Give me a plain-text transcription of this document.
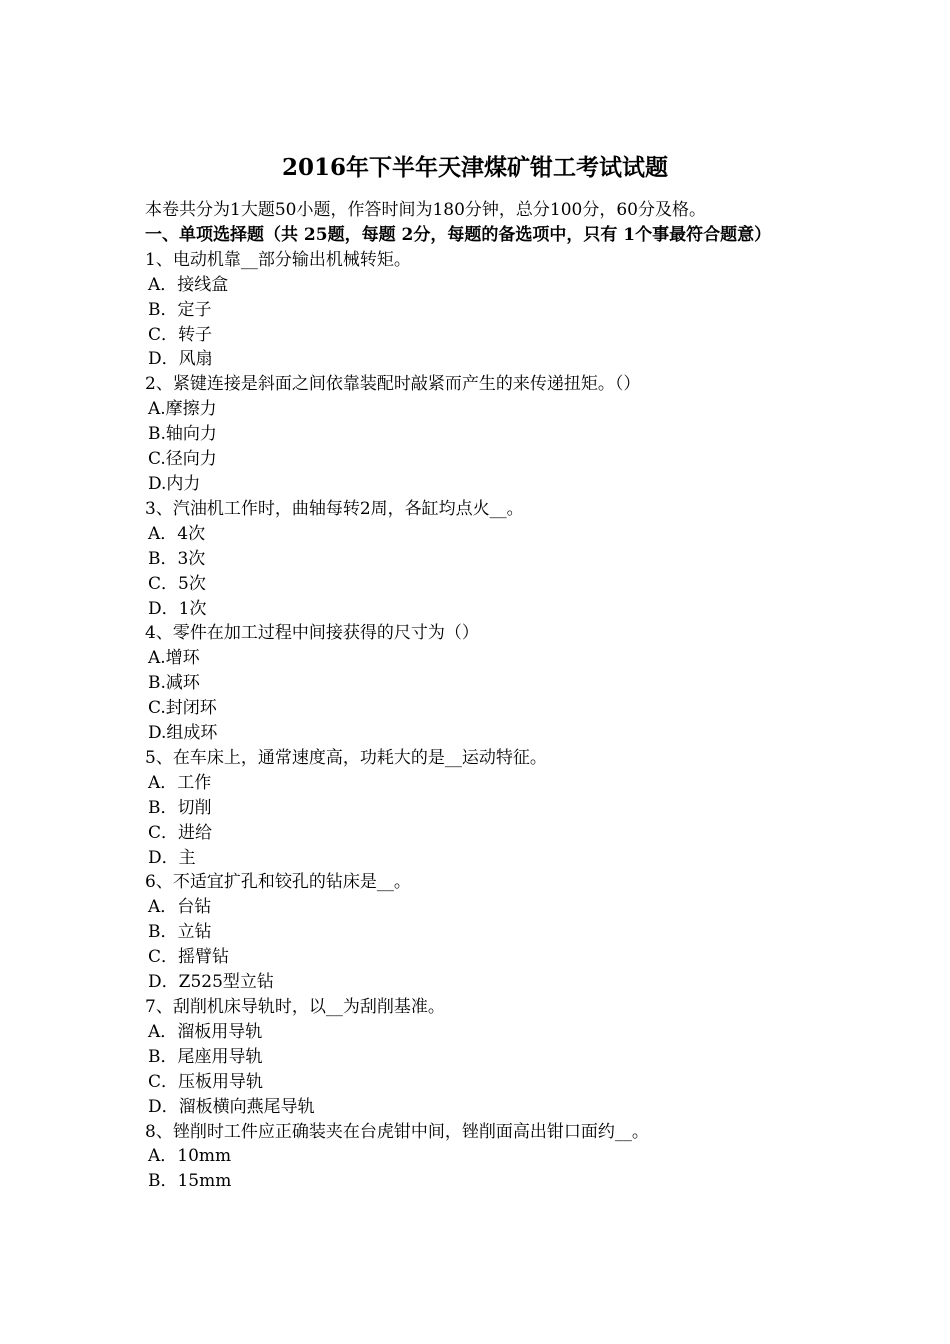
2016年下半年天津煤矿钳工考试试题
本卷共分为1大题50小题，作答时间为180分钟，总分100分，60分及格。
一、单项选择题（共 25题，每题 2分，每题的备选项中，只有 1个事最符合题意）
1、电动机靠__部分输出机械转矩。
A．接线盒
B．定子
C．转子
D．风扇
2、紧键连接是斜面之间依靠装配时敲紧而产生的来传递扭矩。（）
A.摩擦力
B.轴向力
C.径向力
D.内力
3、汽油机工作时，曲轴每转2周，各缸均点火__。
A．4次
B．3次
C．5次
D．1次
4、零件在加工过程中间接获得的尺寸为（）
A.增环
B.减环
C.封闭环
D.组成环
5、在车床上，通常速度高，功耗大的是__运动特征。
A．工作
B．切削
C．进给
D．主
6、不适宜扩孔和铰孔的钻床是__。
A．台钻
B．立钻
C．摇臂钻
D．Z525型立钻
7、刮削机床导轨时，以__为刮削基准。
A．溜板用导轨
B．尾座用导轨
C．压板用导轨
D．溜板横向燕尾导轨
8、锉削时工件应正确装夹在台虎钳中间，锉削面高出钳口面约__。
A．10mm
B．15mm
